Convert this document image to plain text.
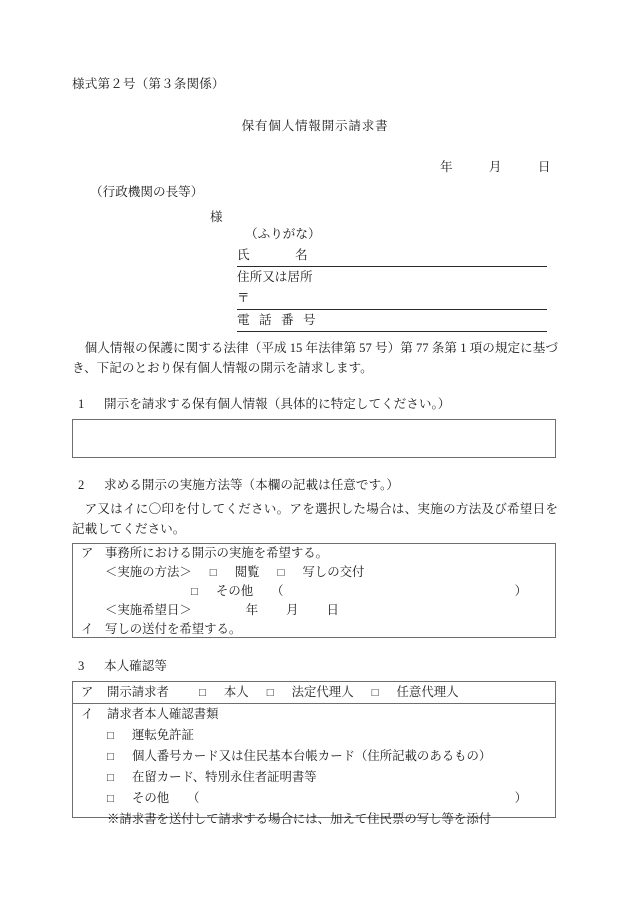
様式第２号（第３条関係）
保有個人情報開示請求書
年	月	日
（行政機関の長等）
様
（ふりがな）
氏	名
住所又は居所
〒
電 話 番 号
個人情報の保護に関する法律（平成 15 年法律第 57 号）第 77 条第 1 項の規定に基づき、下記のとおり保有個人情報の開示を請求します。
1 開示を請求する保有個人情報（具体的に特定してください。）
2 求める開示の実施方法等（本欄の記載は任意です。）
ア又はイに〇印を付してください。アを選択した場合は、実施の方法及び希望日を記載してください。
ア 事務所における開示の実施を希望する。
＜実施の方法＞ □ 閲覧 □ 写しの交付
□ その他 （	）
＜実施希望日＞	年 月 日
イ 写しの送付を希望する。
3 本人確認等
ア 開示請求者	□ 本人 □ 法定代理人 □ 任意代理人
イ 請求者本人確認書類
□ 運転免許証
□ 個人番号カード又は住民基本台帳カード（住所記載のあるもの）
□ 在留カード、特別永住者証明書等
□ その他 （	）
※請求書を送付して請求する場合には、加えて住民票の写し等を添付
